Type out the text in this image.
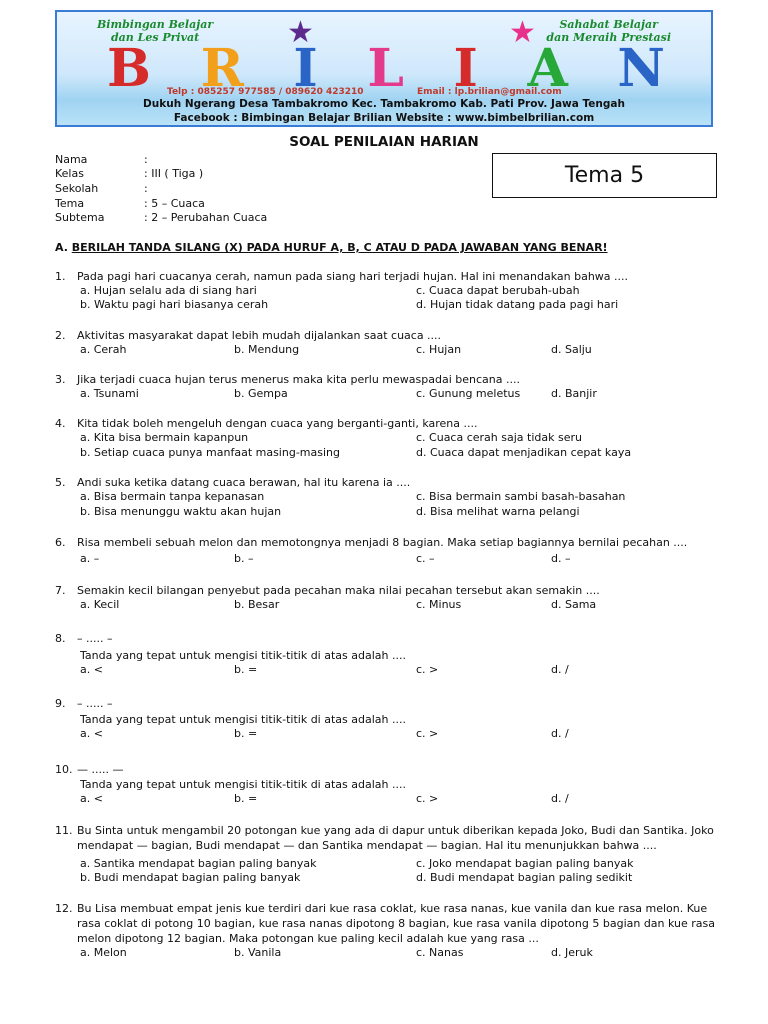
Bimbingan Belajar
dan Les Privat
Sahabat Belajar
dan Meraih Prestasi
★	★
B R I L I A N
Telp : 085257 977585 / 089620 423210	Email : lp.brilian@gmail.com
Dukuh Ngerang Desa Tambakromo Kec. Tambakromo Kab. Pati Prov. Jawa Tengah
Facebook : Bimbingan Belajar Brilian Website : www.bimbelbrilian.com
SOAL PENILAIAN HARIAN
Tema 5
Nama	:
Kelas	: III ( Tiga )
Sekolah	:
Tema	: 5 – Cuaca
Subtema	: 2 – Perubahan Cuaca
A. BERILAH TANDA SILANG (X) PADA HURUF A, B, C ATAU D PADA JAWABAN YANG BENAR!
1. Pada pagi hari cuacanya cerah, namun pada siang hari terjadi hujan. Hal ini menandakan bahwa ....
a. Hujan selalu ada di siang hari
b. Waktu pagi hari biasanya cerah
c. Cuaca dapat berubah-ubah
d. Hujan tidak datang pada pagi hari
2. Aktivitas masyarakat dapat lebih mudah dijalankan saat cuaca ....
a. Cerah	b. Mendung	c. Hujan	d. Salju
3. Jika terjadi cuaca hujan terus menerus maka kita perlu mewaspadai bencana ....
a. Tsunami	b. Gempa	c. Gunung meletus	d. Banjir
4. Kita tidak boleh mengeluh dengan cuaca yang berganti-ganti, karena ....
a. Kita bisa bermain kapanpun
b. Setiap cuaca punya manfaat masing-masing
c. Cuaca cerah saja tidak seru
d. Cuaca dapat menjadikan cepat kaya
5. Andi suka ketika datang cuaca berawan, hal itu karena ia ....
a. Bisa bermain tanpa kepanasan
b. Bisa menunggu waktu akan hujan
c. Bisa bermain sambi basah-basahan
d. Bisa melihat warna pelangi
6. Risa membeli sebuah melon dan memotongnya menjadi 8 bagian. Maka setiap bagiannya bernilai pecahan ....
a. –	b. –	c. –	d. –
7. Semakin kecil bilangan penyebut pada pecahan maka nilai pecahan tersebut akan semakin ....
a. Kecil	b. Besar	c. Minus	d. Sama
8. – ..... –
Tanda yang tepat untuk mengisi titik-titik di atas adalah ....
a. <	b. =	c. >	d. /
9. – ..... –
Tanda yang tepat untuk mengisi titik-titik di atas adalah ....
a. <	b. =	c. >	d. /
10. — ..... —
Tanda yang tepat untuk mengisi titik-titik di atas adalah ....
a. <	b. =	c. >	d. /
11. Bu Sinta untuk mengambil 20 potongan kue yang ada di dapur untuk diberikan kepada Joko, Budi dan Santika. Joko mendapat — bagian, Budi mendapat — dan Santika mendapat — bagian. Hal itu menunjukkan bahwa ....
a. Santika mendapat bagian paling banyak
b. Budi mendapat bagian paling banyak
c. Joko mendapat bagian paling banyak
d. Budi mendapat bagian paling sedikit
12. Bu Lisa membuat empat jenis kue terdiri dari kue rasa coklat, kue rasa nanas, kue vanila dan kue rasa melon. Kue rasa coklat di potong 10 bagian, kue rasa nanas dipotong 8 bagian, kue rasa vanila dipotong 5 bagian dan kue rasa melon dipotong 12 bagian. Maka potongan kue paling kecil adalah kue yang rasa ...
a. Melon	b. Vanila	c. Nanas	d. Jeruk
